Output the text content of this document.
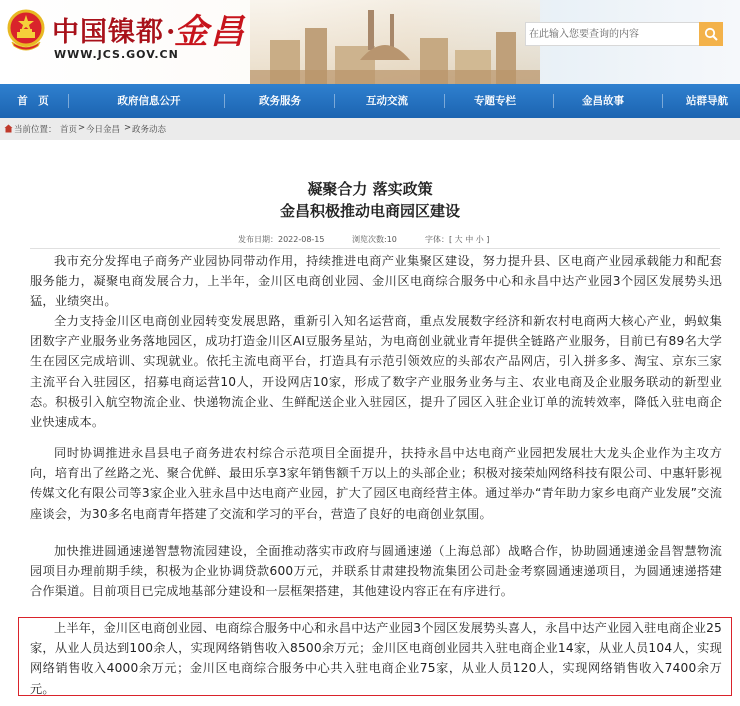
中国镍都·
金昌
WWW.JCS.GOV.CN
在此输入您要查询的内容
首　页	政府信息公开	政务服务	互动交流	专题专栏	金昌故事	站群导航
当前位置： 首页 > 今日金昌 > 政务动态
凝聚合力 落实政策
金昌积极推动电商园区建设
发布日期：2022-08-15	浏览次数:10	字体：[ 大 中 小 ]
我市充分发挥电子商务产业园协同带动作用，持续推进电商产业集聚区建设，努力提升县、区电商产业园承载能力和配套服务能力，凝聚电商发展合力，上半年，金川区电商创业园、金川区电商综合服务中心和永昌中达产业园3个园区发展势头迅猛，业绩突出。
全力支持金川区电商创业园转变发展思路，重新引入知名运营商，重点发展数字经济和新农村电商两大核心产业，蚂蚁集团数字产业服务业务落地园区，成功打造金川区AI豆服务星站，为电商创业就业青年提供全链路产业服务，目前已有89名大学生在园区完成培训、实现就业。依托主流电商平台，打造具有示范引领效应的头部农产品网店，引入拼多多、淘宝、京东三家主流平台入驻园区，招募电商运营10人，开设网店10家，形成了数字产业服务业务与主、农业电商及企业服务联动的新型业态。积极引入航空物流企业、快递物流企业、生鲜配送企业入驻园区，提升了园区入驻企业订单的流转效率，降低入驻电商企业快速成本。
同时协调推进永昌县电子商务进农村综合示范项目全面提升，扶持永昌中达电商产业园把发展壮大龙头企业作为主攻方向，培育出了丝路之光、聚合优鲜、最田乐享3家年销售额千万以上的头部企业；积极对接荣灿网络科技有限公司、中惠轩影视传媒文化有限公司等3家企业入驻永昌中达电商产业园，扩大了园区电商经营主体。通过举办“青年助力家乡电商产业发展”交流座谈会，为30多名电商青年搭建了交流和学习的平台，营造了良好的电商创业氛围。
加快推进圆通速递智慧物流园建设，全面推动落实市政府与圆通速递（上海总部）战略合作，协助圆通速递金昌智慧物流园项目办理前期手续，积极为企业协调贷款600万元，并联系甘肃建投物流集团公司赴金考察圆通速递项目，为圆通速递搭建合作渠道。目前项目已完成地基部分建设和一层框架搭建，其他建设内容正在有序进行。
上半年，金川区电商创业园、电商综合服务中心和永昌中达产业园3个园区发展势头喜人，永昌中达产业园入驻电商企业25家，从业人员达到100余人，实现网络销售收入8500余万元；金川区电商创业园共入驻电商企业14家，从业人员104人，实现网络销售收入4000余万元；金川区电商综合服务中心共入驻电商企业75家，从业人员120人，实现网络销售收入7400余万元。
